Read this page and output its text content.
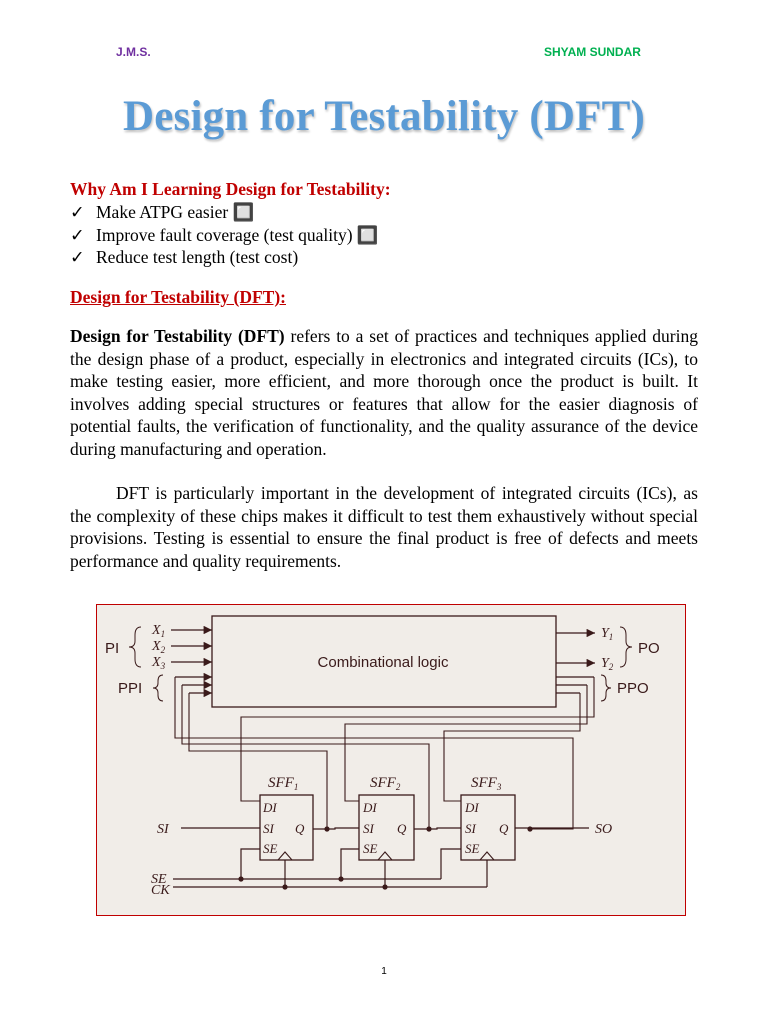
J.M.S.	SHYAM SUNDAR
Design for Testability (DFT)
Why Am I Learning Design for Testability:
✓ Make ATPG easier 🔲
✓ Improve fault coverage (test quality) 🔲
✓ Reduce test length (test cost)
Design for Testability (DFT):

Design for Testability (DFT) refers to a set of practices and techniques applied during the design phase of a product, especially in electronics and integrated circuits (ICs), to make testing easier, more efficient, and more thorough once the product is built. It involves adding special structures or features that allow for the easier diagnosis of potential faults, the verification of functionality, and the quality assurance of the device during manufacturing and operation.

DFT is particularly important in the development of integrated circuits (ICs), as the complexity of these chips makes it difficult to test them exhaustively without special provisions. Testing is essential to ensure the final product is free of defects and meets performance and quality requirements.

Combinational logic
PI
$X_1$
$X_2$
$X_3$
PPI
$Y_1$
$Y_2$
PO
PPO
$SFF_1$
DI
SI Q
SE
$SFF_2$
DI
SI Q
SE
$SFF_3$
DI
SI Q
SE
SI	SO
SE
CK
1
